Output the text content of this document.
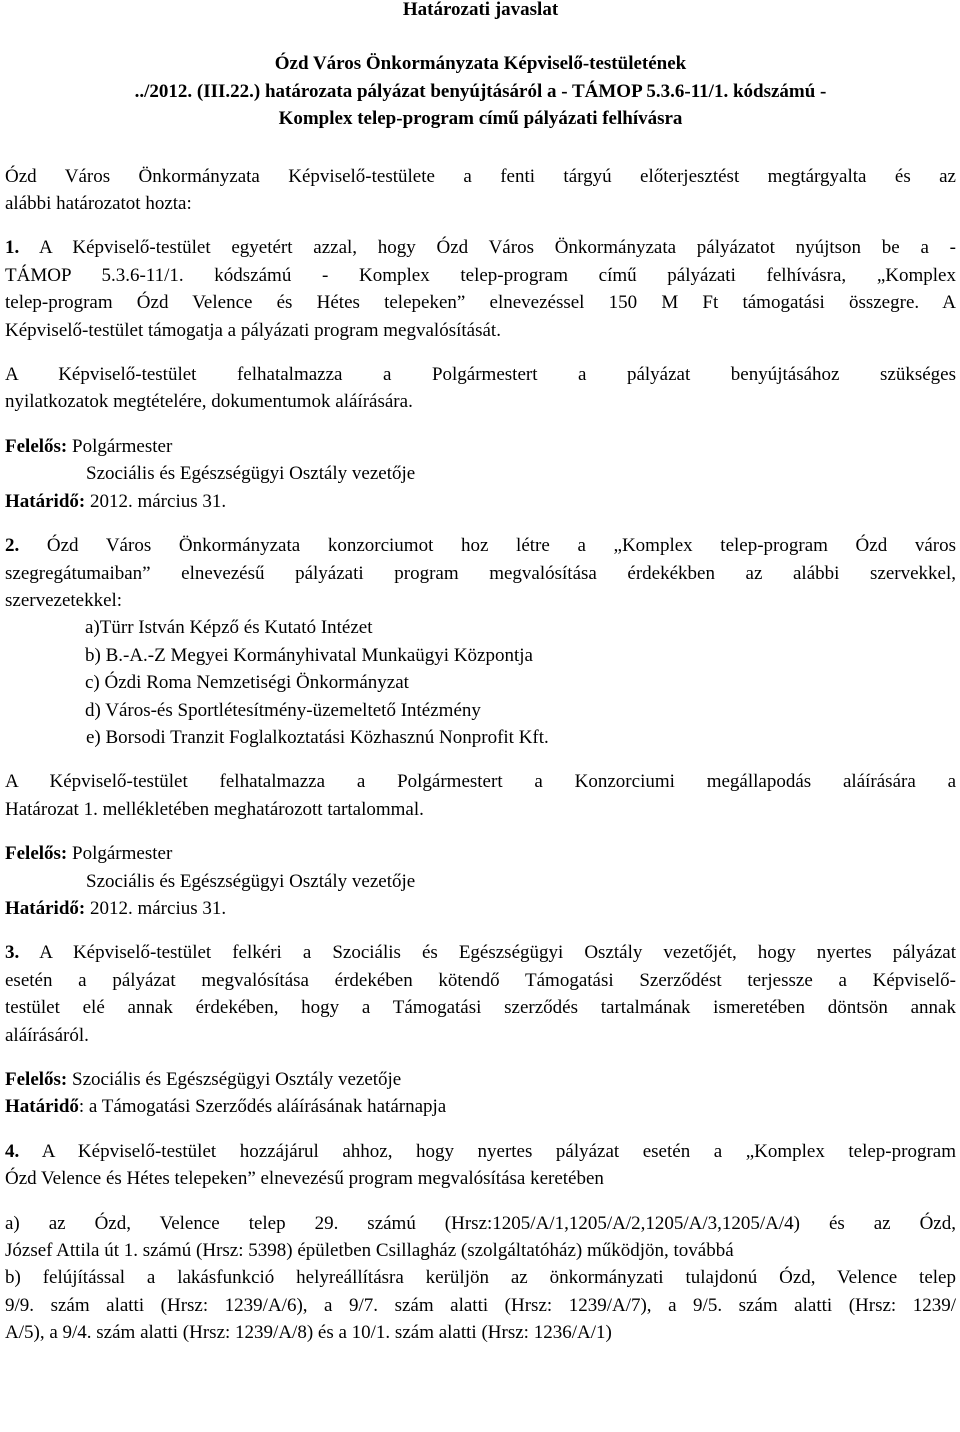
Határozati javaslat
Ózd Város Önkormányzata Képviselő-testületének
../2012. (III.22.) határozata pályázat benyújtásáról a - TÁMOP 5.3.6-11/1. kódszámú -
Komplex telep-program című pályázati felhívásra
Ózd Város Önkormányzata Képviselő-testülete a fenti tárgyú előterjesztést megtárgyalta és az
alábbi határozatot hozta:
1. A Képviselő-testület egyetért azzal, hogy Ózd Város Önkormányzata pályázatot nyújtson be a -
TÁMOP 5.3.6-11/1. kódszámú - Komplex telep-program című pályázati felhívásra, „Komplex
telep-program Ózd Velence és Hétes telepeken” elnevezéssel 150 M Ft támogatási összegre. A
Képviselő-testület támogatja a pályázati program megvalósítását.
A Képviselő-testület felhatalmazza a Polgármestert a pályázat benyújtásához szükséges
nyilatkozatok megtételére, dokumentumok aláírására.
Felelős: Polgármester
Szociális és Egészségügyi Osztály vezetője
Határidő: 2012. március 31.
2. Ózd Város Önkormányzata konzorciumot hoz létre a „Komplex telep-program Ózd város
szegregátumaiban” elnevezésű pályázati program megvalósítása érdekékben az alábbi szervekkel,
szervezetekkel:
a)Türr István Képző és Kutató Intézet
b) B.-A.-Z Megyei Kormányhivatal Munkaügyi Központja
c) Ózdi Roma Nemzetiségi Önkormányzat
d) Város-és Sportlétesítmény-üzemeltető Intézmény
e) Borsodi Tranzit Foglalkoztatási Közhasznú Nonprofit Kft.
A Képviselő-testület felhatalmazza a Polgármestert a Konzorciumi megállapodás aláírására a
Határozat 1. mellékletében meghatározott tartalommal.
Felelős: Polgármester
Szociális és Egészségügyi Osztály vezetője
Határidő: 2012. március 31.
3. A Képviselő-testület felkéri a Szociális és Egészségügyi Osztály vezetőjét, hogy nyertes pályázat
esetén a pályázat megvalósítása érdekében kötendő Támogatási Szerződést terjessze a Képviselő-
testület elé annak érdekében, hogy a Támogatási szerződés tartalmának ismeretében döntsön annak
aláírásáról.
Felelős: Szociális és Egészségügyi Osztály vezetője
Határidő: a Támogatási Szerződés aláírásának határnapja
4. A Képviselő-testület hozzájárul ahhoz, hogy nyertes pályázat esetén a „Komplex telep-program
Ózd Velence és Hétes telepeken” elnevezésű program megvalósítása keretében
a) az Ózd, Velence telep 29. számú (Hrsz:1205/A/1,1205/A/2,1205/A/3,1205/A/4) és az Ózd,
József Attila út 1. számú (Hrsz: 5398) épületben Csillagház (szolgáltatóház) működjön, továbbá
b) felújítással a lakásfunkció helyreállításra kerüljön az önkormányzati tulajdonú Ózd, Velence telep
9/9. szám alatti (Hrsz: 1239/A/6), a 9/7. szám alatti (Hrsz: 1239/A/7), a 9/5. szám alatti (Hrsz: 1239/
A/5), a 9/4. szám alatti (Hrsz: 1239/A/8) és a 10/1. szám alatti (Hrsz: 1236/A/1)
